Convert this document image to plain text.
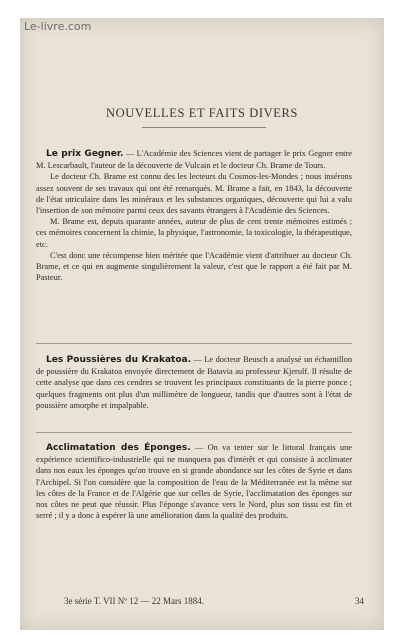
Le-livre.com
NOUVELLES ET FAITS DIVERS

Le prix Gegner. — L'Académie des Sciences vient de partager le prix Gegner entre M. Lescarbault, l'auteur de la découverte de Vulcain et le docteur Ch. Brame de Tours.

Le docteur Ch. Brame est connu des les lecteurs du Cosmos-les-Mondes ; nous insérons assez souvent de ses travaux qui ont été remarqués. M. Brame a fait, en 1843, la découverte de l'état utriculaire dans les minéraux et les substances organiques, découverte qui lui a valu l'insertion de son mémoire parmi ceux des savants étrangers à l'Académie des Sciences.

M. Brame est, depuis quarante années, auteur de plus de cent trente mémoires estimés ; ces mémoires concernent la chimie, la physique, l'astronomie, la toxicologie, la thérapeutique, etc.

C'est donc une récompense bien méritée que l'Académie vient d'attribuer au docteur Ch. Brame, et ce qui en augmente singulièrement la valeur, c'est que le rapport a été fait par M. Pasteur.

Les Poussières du Krakatoa. — Le docteur Beusch a analysé un échantillon de poussière du Krakatoa envoyée directement de Batavia au professeur Kjerulf. Il résulte de cette analyse que dans ces cendres se trouvent les principaux constituants de la pierre ponce ; quelques fragments ont plus d'un millimètre de longueur, tandis que d'autres sont à l'état de poussière amorphe et impalpable.

Acclimatation des Éponges. — On va tenter sur le littoral français une expérience scientifico-industrielle qui ne manquera pas d'intérêt et qui consiste à acclimater dans nos eaux les éponges qu'on trouve en si grande abondance sur les côtes de Syrie et dans l'Archipel. Si l'on considère que la composition de l'eau de la Méditerranée est la même sur les côtes de la France et de l'Algérie que sur celles de Syrie, l'acclimatation des éponges sur nos côtes ne peut que réussir. Plus l'éponge s'avance vers le Nord, plus son tissu est fin et serré ; il y a donc à espérer là une amélioration dans la qualité des produits.

3e série T. VII Nº 12 — 22 Mars 1884.	34
